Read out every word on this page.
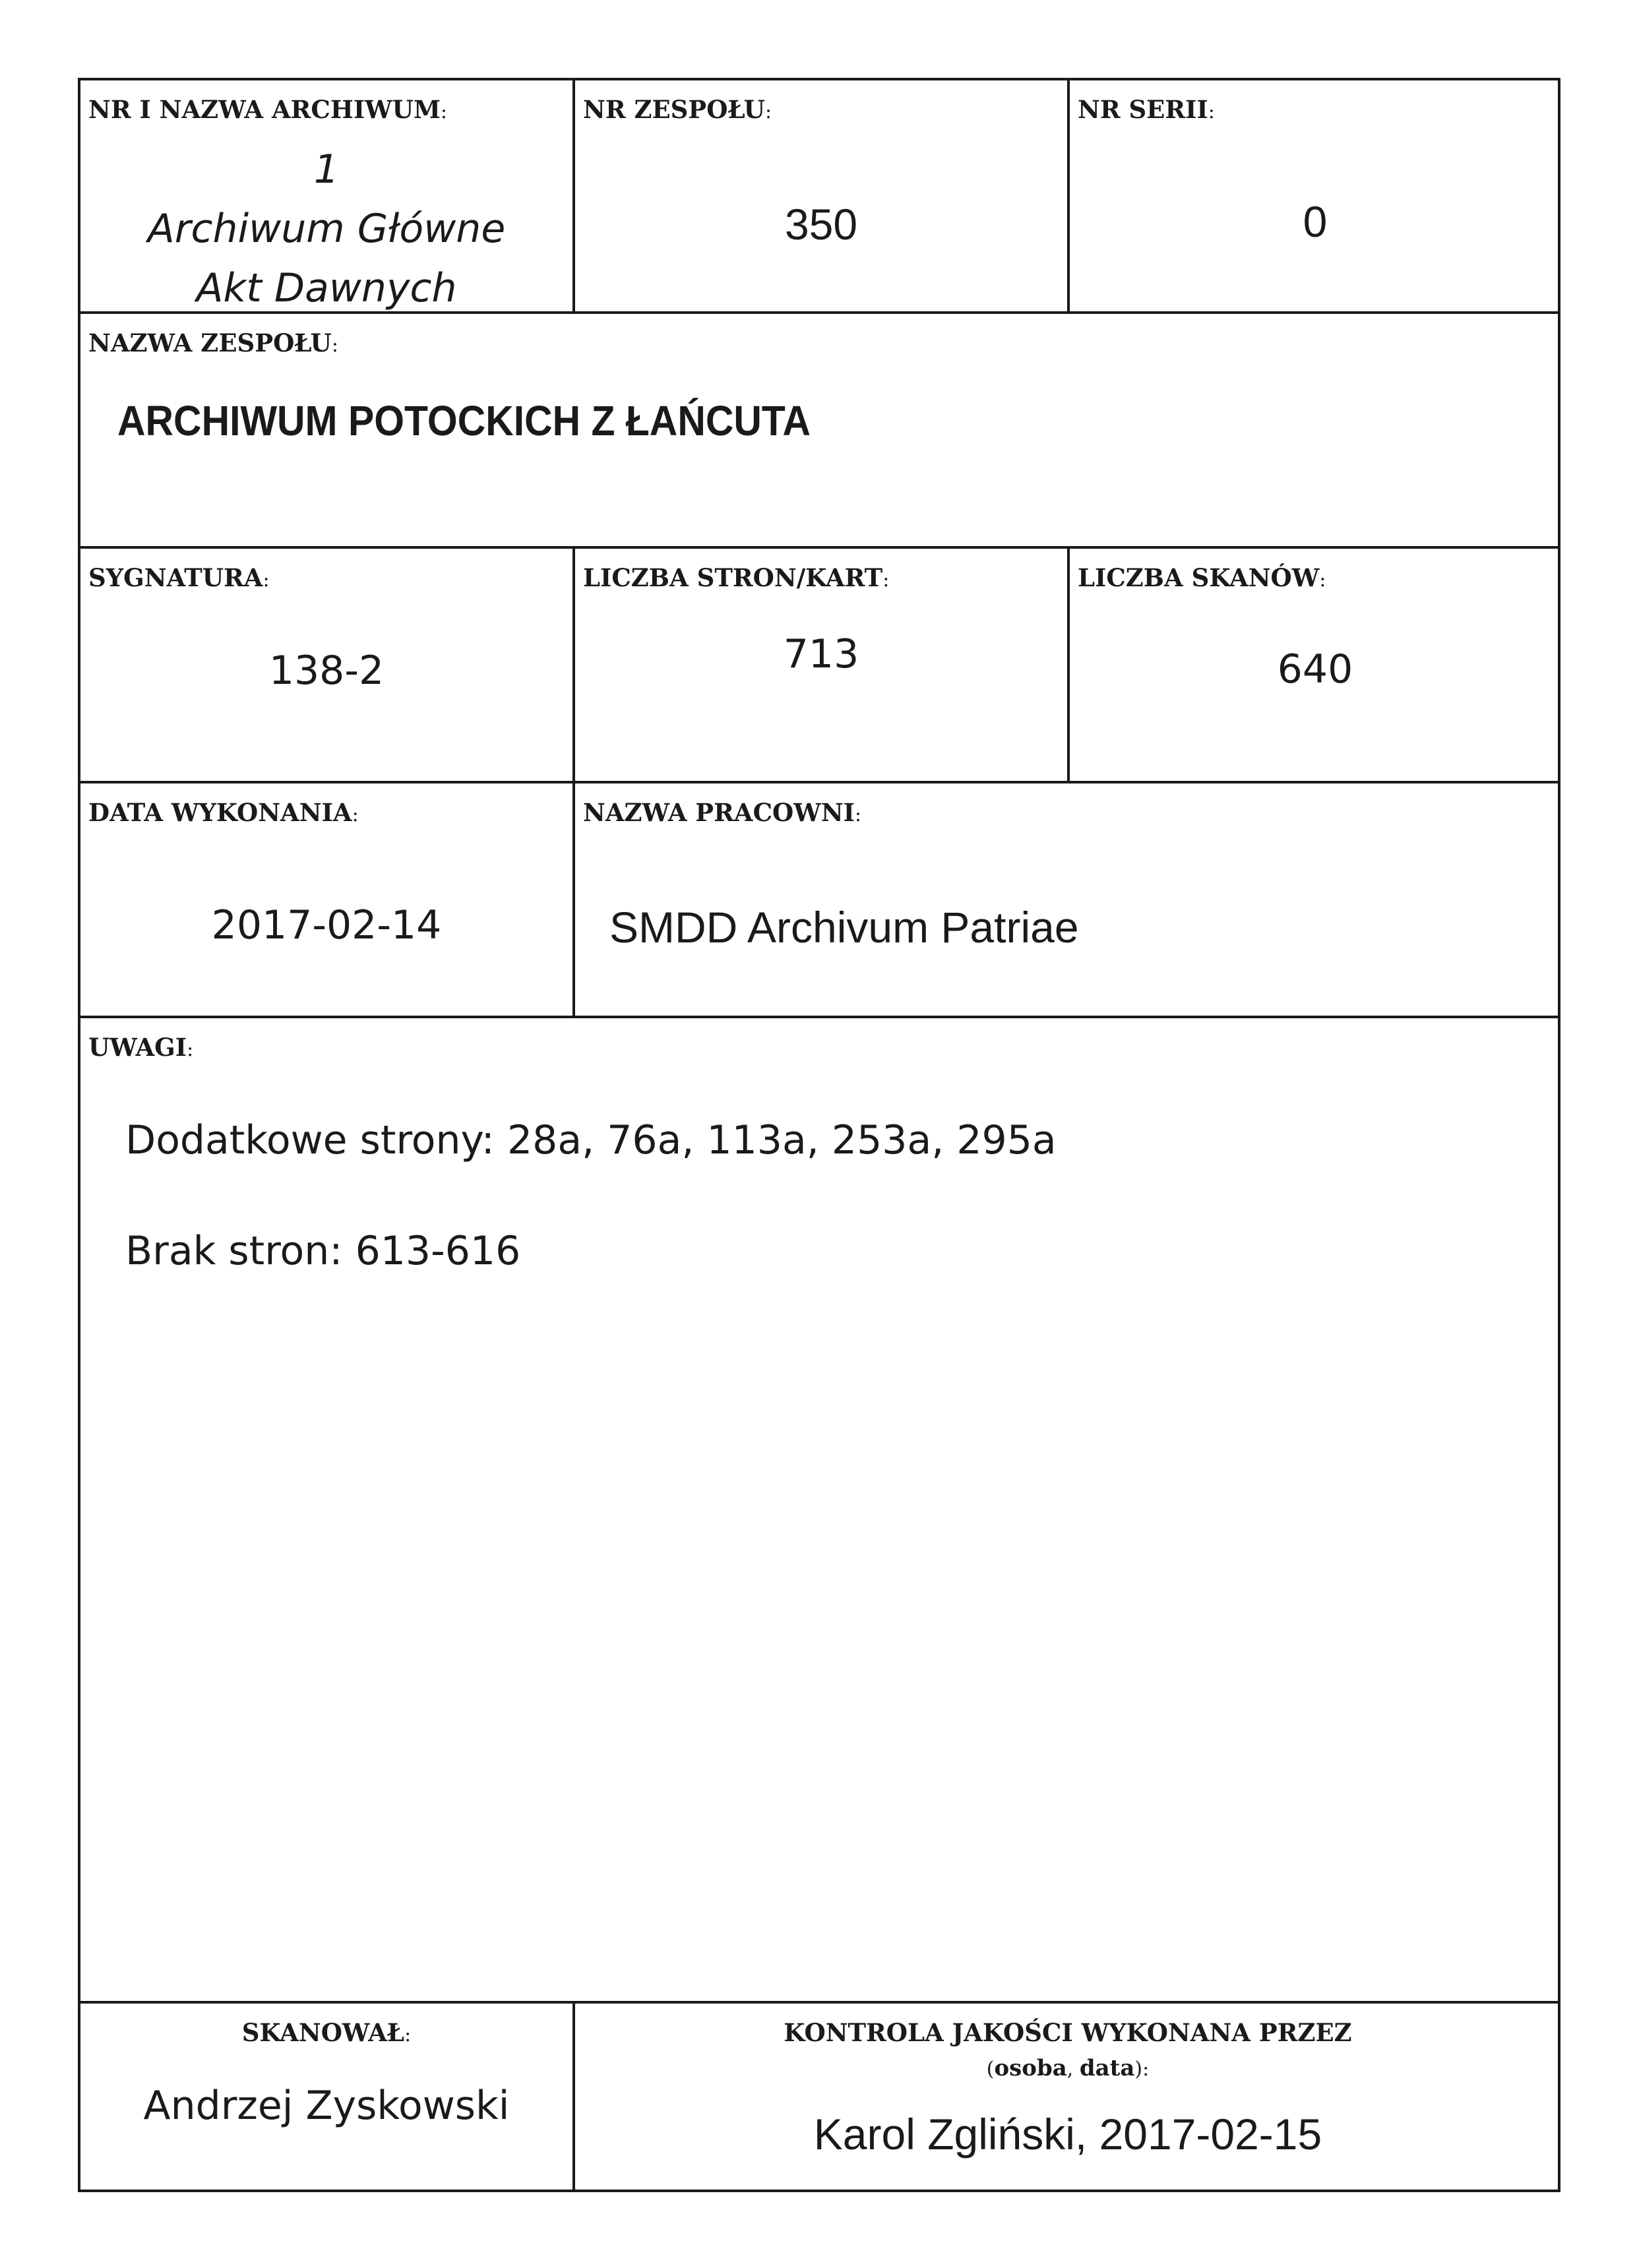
NR I NAZWA ARCHIWUM:
1
Archiwum Główne
Akt Dawnych
NR ZESPOŁU:
350
NR SERII:
0
NAZWA ZESPOŁU:
ARCHIWUM POTOCKICH Z ŁAŃCUTA
SYGNATURA:
138-2
LICZBA STRON/KART:
713
LICZBA SKANÓW:
640
DATA WYKONANIA:
2017-02-14
NAZWA PRACOWNI:
SMDD Archivum Patriae
UWAGI:
Dodatkowe strony: 28a, 76a, 113a, 253a, 295a
Brak stron: 613-616
SKANOWAŁ:
Andrzej Zyskowski
KONTROLA JAKOŚCI WYKONANA PRZEZ
(osoba, data):
Karol Zgliński, 2017-02-15
